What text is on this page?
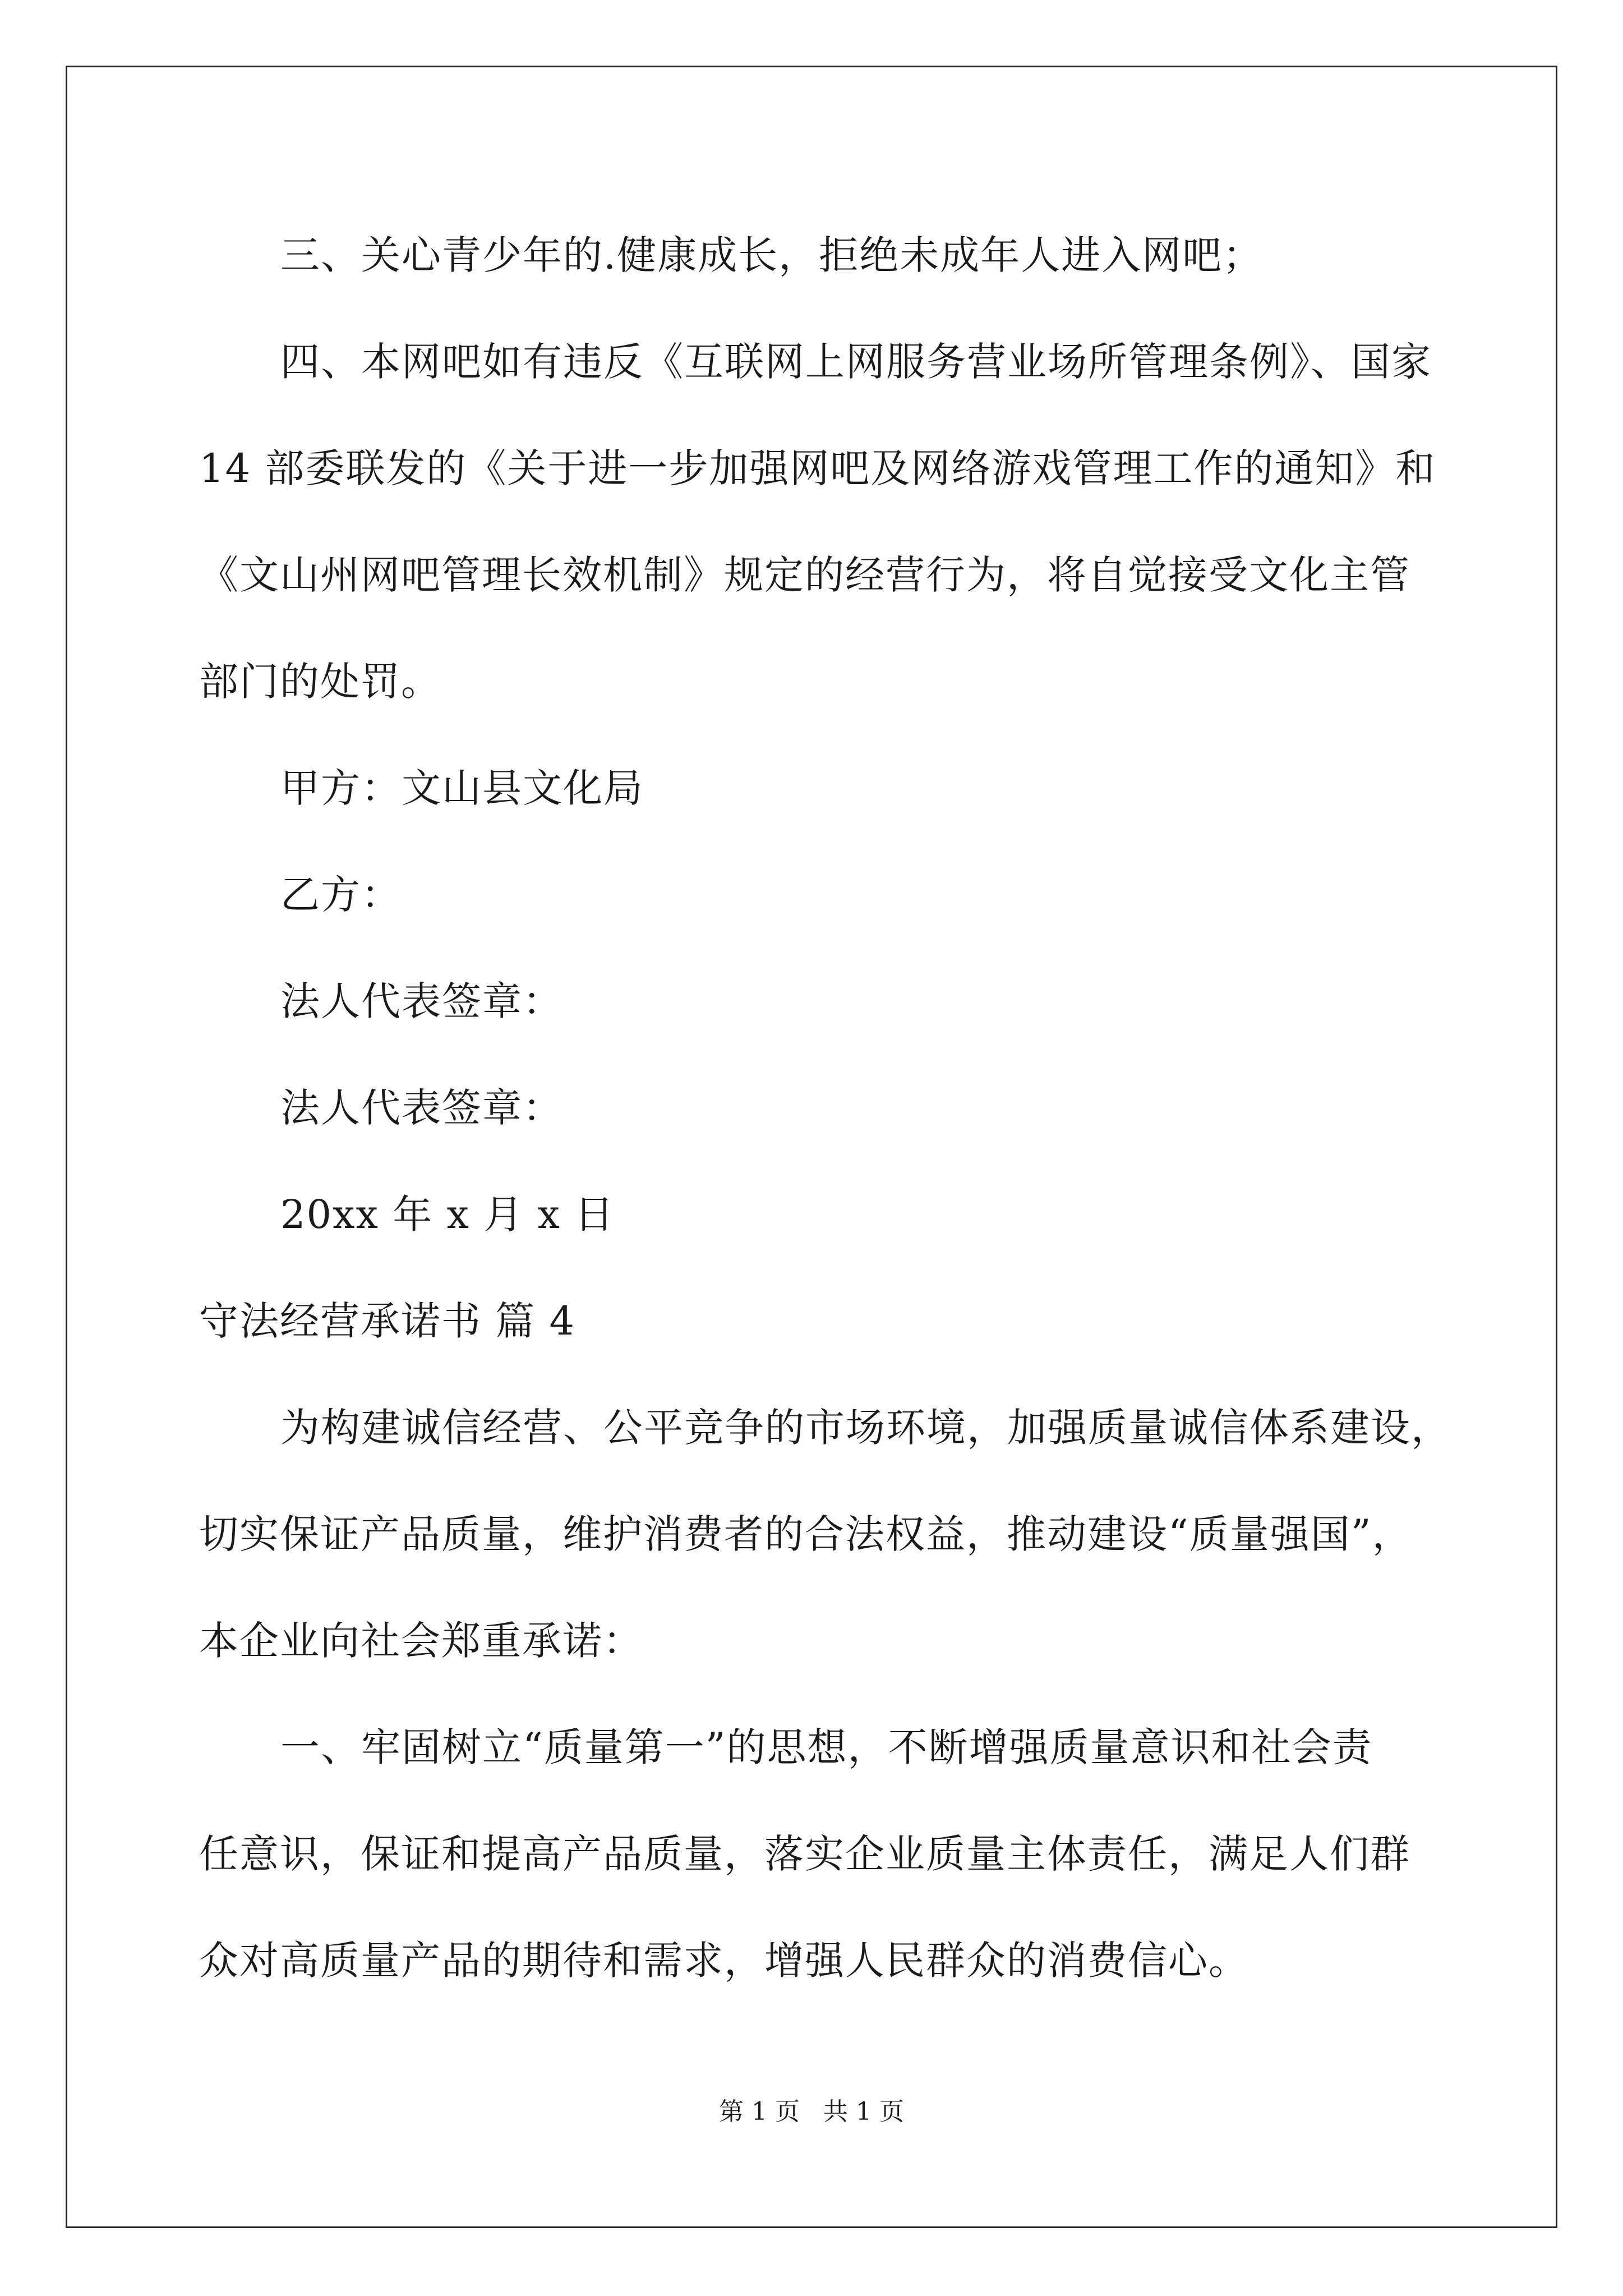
三、关心青少年的.健康成长，拒绝未成年人进入网吧；
四、本网吧如有违反《互联网上网服务营业场所管理条例》、国家
14 部委联发的《关于进一步加强网吧及网络游戏管理工作的通知》和
《文山州网吧管理长效机制》规定的经营行为，将自觉接受文化主管
部门的处罚。
甲方：文山县文化局
乙方：
法人代表签章：
法人代表签章：
20xx 年 x 月 x 日
守法经营承诺书 篇 4
为构建诚信经营、公平竞争的市场环境，加强质量诚信体系建设，
切实保证产品质量，维护消费者的合法权益，推动建设“质量强国”，
本企业向社会郑重承诺：
一、牢固树立“质量第一”的思想，不断增强质量意识和社会责
任意识，保证和提高产品质量，落实企业质量主体责任，满足人们群
众对高质量产品的期待和需求，增强人民群众的消费信心。
第 1 页   共 1 页
